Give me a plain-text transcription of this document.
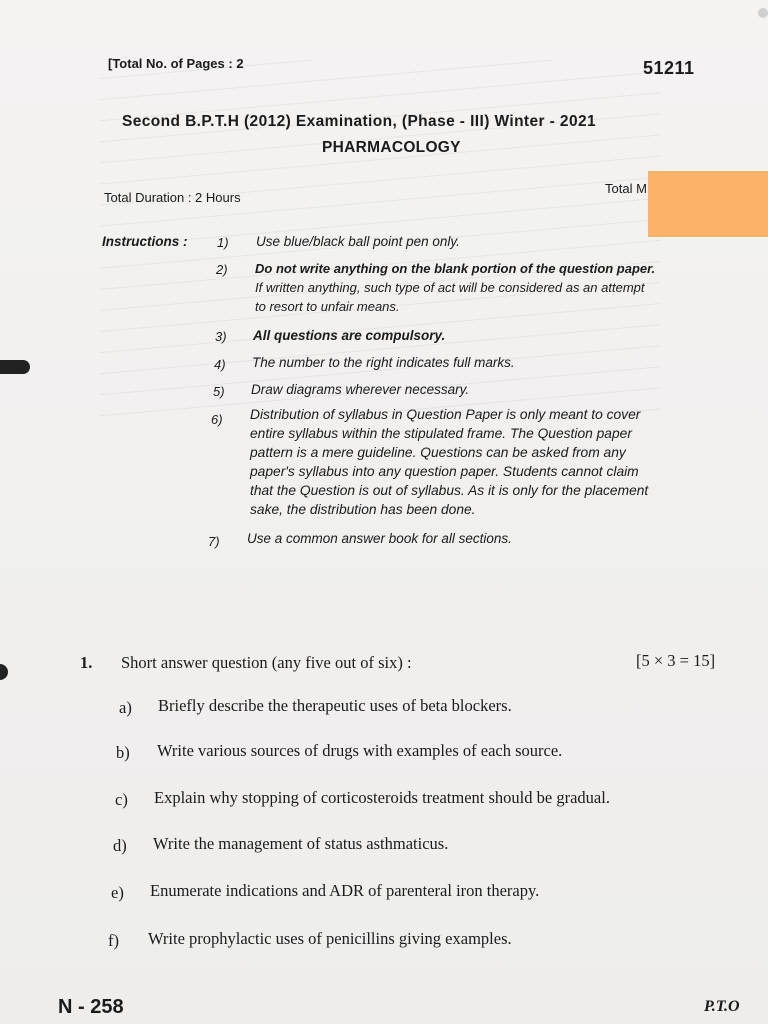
[Total No. of Pages : 2	51211
Second B.P.T.H (2012) Examination, (Phase - III) Winter - 2021
PHARMACOLOGY
Total Duration : 2 Hours
Total M
Instructions : 1) Use blue/black ball point pen only.
2) Do not write anything on the blank portion of the question paper.
If written anything, such type of act will be considered as an attempt
to resort to unfair means.
3) All questions are compulsory.
4) The number to the right indicates full marks.
5) Draw diagrams wherever necessary.
6) Distribution of syllabus in Question Paper is only meant to cover
entire syllabus within the stipulated frame. The Question paper
pattern is a mere guideline. Questions can be asked from any
paper's syllabus into any question paper. Students cannot claim
that the Question is out of syllabus. As it is only for the placement
sake, the distribution has been done.
7) Use a common answer book for all sections.
1. Short answer question (any five out of six) :	[5 × 3 = 15]
a) Briefly describe the therapeutic uses of beta blockers.
b) Write various sources of drugs with examples of each source.
c) Explain why stopping of corticosteroids treatment should be gradual.
d) Write the management of status asthmaticus.
e) Enumerate indications and ADR of parenteral iron therapy.
f) Write prophylactic uses of penicillins giving examples.
N - 258	P.T.O
